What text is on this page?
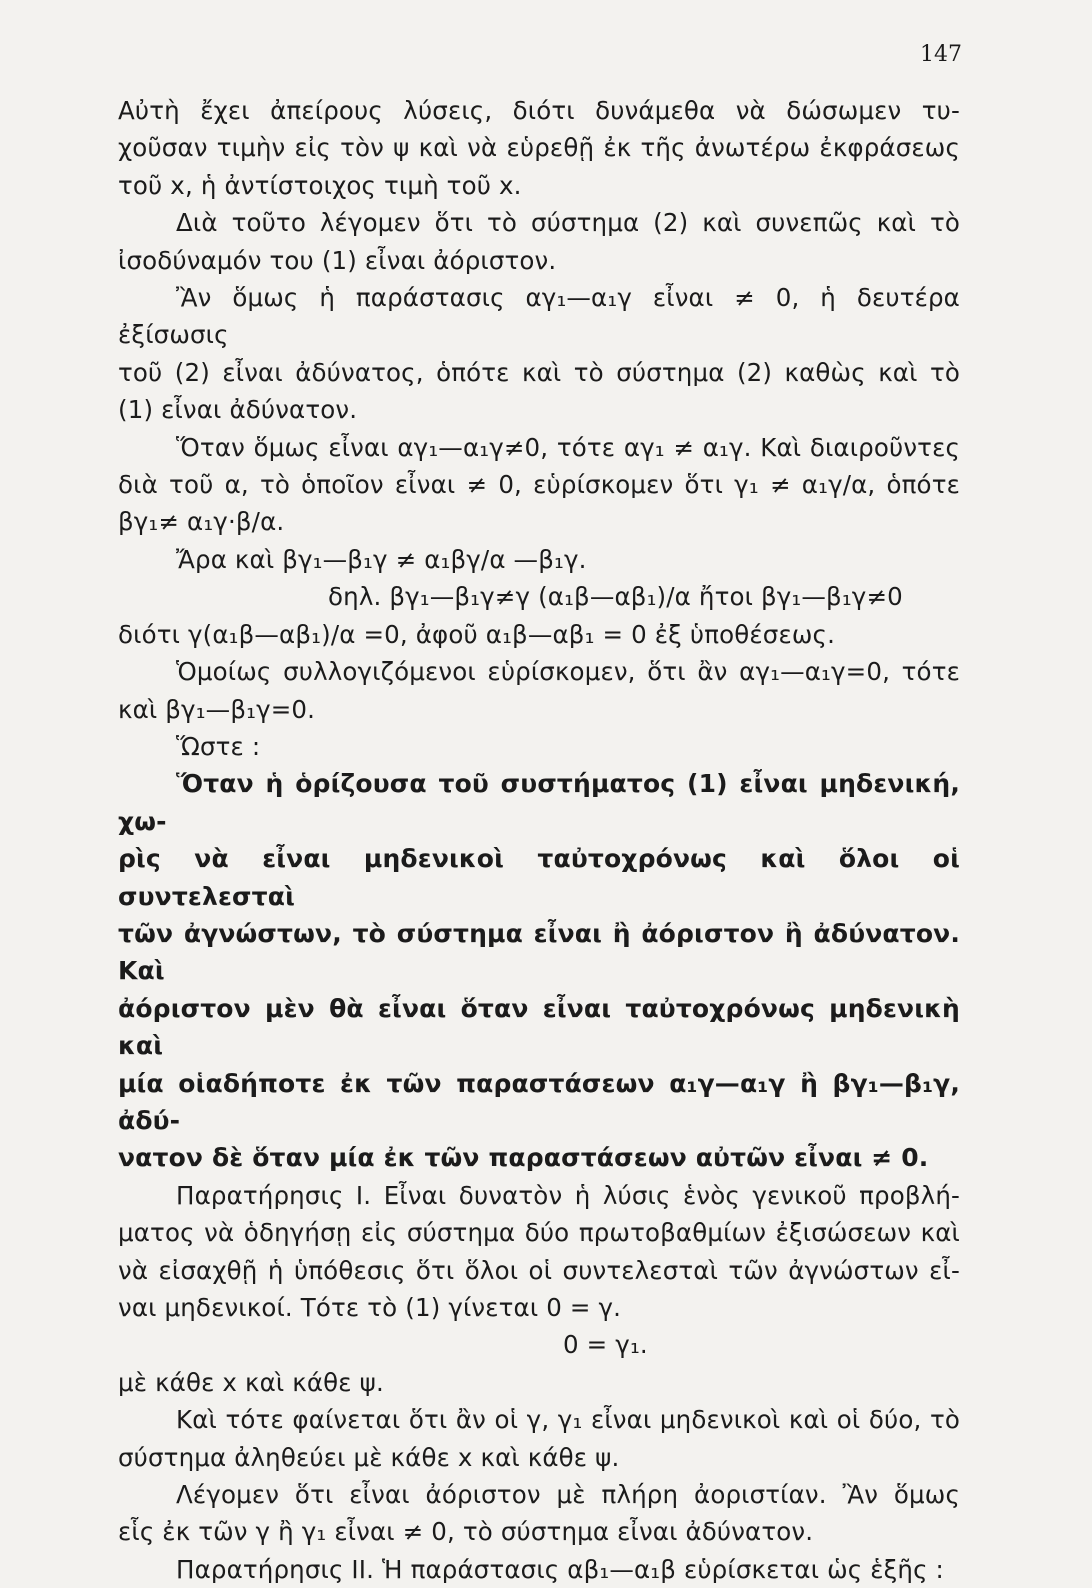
147

Αὐτὴ ἔχει ἀπείρους λύσεις, διότι δυνάμεθα νὰ δώσωμεν τυ-

χοῦσαν τιμὴν εἰς τὸν ψ καὶ νὰ εὑρεθῇ ἐκ τῆς ἀνωτέρω ἐκφράσεως

τοῦ x, ἡ ἀντίστοιχος τιμὴ τοῦ x.

Διὰ τοῦτο λέγομεν ὅτι τὸ σύστημα (2) καὶ συνεπῶς καὶ τὸ

ἰσοδύναμόν του (1) εἶναι ἀόριστον.

Ἂν ὅμως ἡ παράστασις αγ₁—α₁γ εἶναι ≠ 0, ἡ δευτέρα ἐξίσωσις

τοῦ (2) εἶναι ἀδύνατος, ὁπότε καὶ τὸ σύστημα (2) καθὼς καὶ τὸ

(1) εἶναι ἀδύνατον.

Ὅταν ὅμως εἶναι αγ₁—α₁γ≠0, τότε αγ₁ ≠ α₁γ. Καὶ διαιροῦντες

διὰ τοῦ α, τὸ ὁποῖον εἶναι ≠ 0, εὑρίσκομεν ὅτι γ₁ ≠ α₁γ/α, ὁπότε

βγ₁≠ α₁γ·β/α.

Ἄρα καὶ βγ₁—β₁γ ≠ α₁βγ/α —β₁γ.

δηλ. βγ₁—β₁γ≠γ (α₁β—αβ₁)/α ἤτοι βγ₁—β₁γ≠0

διότι γ(α₁β—αβ₁)/α =0, ἀφοῦ α₁β—αβ₁ = 0 ἐξ ὑποθέσεως.

Ὁμοίως συλλογιζόμενοι εὑρίσκομεν, ὅτι ἂν αγ₁—α₁γ=0, τότε

καὶ βγ₁—β₁γ=0.

Ὥστε :

Ὅταν ἡ ὁρίζουσα τοῦ συστήματος (1) εἶναι μηδενική, χω-

ρὶς νὰ εἶναι μηδενικοὶ ταὐτοχρόνως καὶ ὅλοι οἱ συντελεσταὶ

τῶν ἀγνώστων, τὸ σύστημα εἶναι ἢ ἀόριστον ἢ ἀδύνατον. Καὶ

ἀόριστον μὲν θὰ εἶναι ὅταν εἶναι ταὐτοχρόνως μηδενικὴ καὶ

μία οἱαδήποτε ἐκ τῶν παραστάσεων α₁γ—α₁γ ἢ βγ₁—β₁γ, ἀδύ-

νατον δὲ ὅταν μία ἐκ τῶν παραστάσεων αὐτῶν εἶναι ≠ 0.

Παρατήρησις Ι. Εἶναι δυνατὸν ἡ λύσις ἑνὸς γενικοῦ προβλή-

ματος νὰ ὁδηγήσῃ εἰς σύστημα δύο πρωτοβαθμίων ἐξισώσεων καὶ

νὰ εἰσαχθῇ ἡ ὑπόθεσις ὅτι ὅλοι οἱ συντελεσταὶ τῶν ἀγνώστων εἶ-

ναι μηδενικοί. Τότε τὸ (1) γίνεται 0 = γ.

0 = γ₁.

μὲ κάθε x καὶ κάθε ψ.

Καὶ τότε φαίνεται ὅτι ἂν οἱ γ, γ₁ εἶναι μηδενικοὶ καὶ οἱ δύο, τὸ

σύστημα ἀληθεύει μὲ κάθε x καὶ κάθε ψ.

Λέγομεν ὅτι εἶναι ἀόριστον μὲ πλήρη ἀοριστίαν. Ἂν ὅμως

εἷς ἐκ τῶν γ ἢ γ₁ εἶναι ≠ 0, τὸ σύστημα εἶναι ἀδύνατον.

Παρατήρησις ΙΙ. Ἡ παράστασις αβ₁—α₁β εὑρίσκεται ὡς ἑξῆς :
